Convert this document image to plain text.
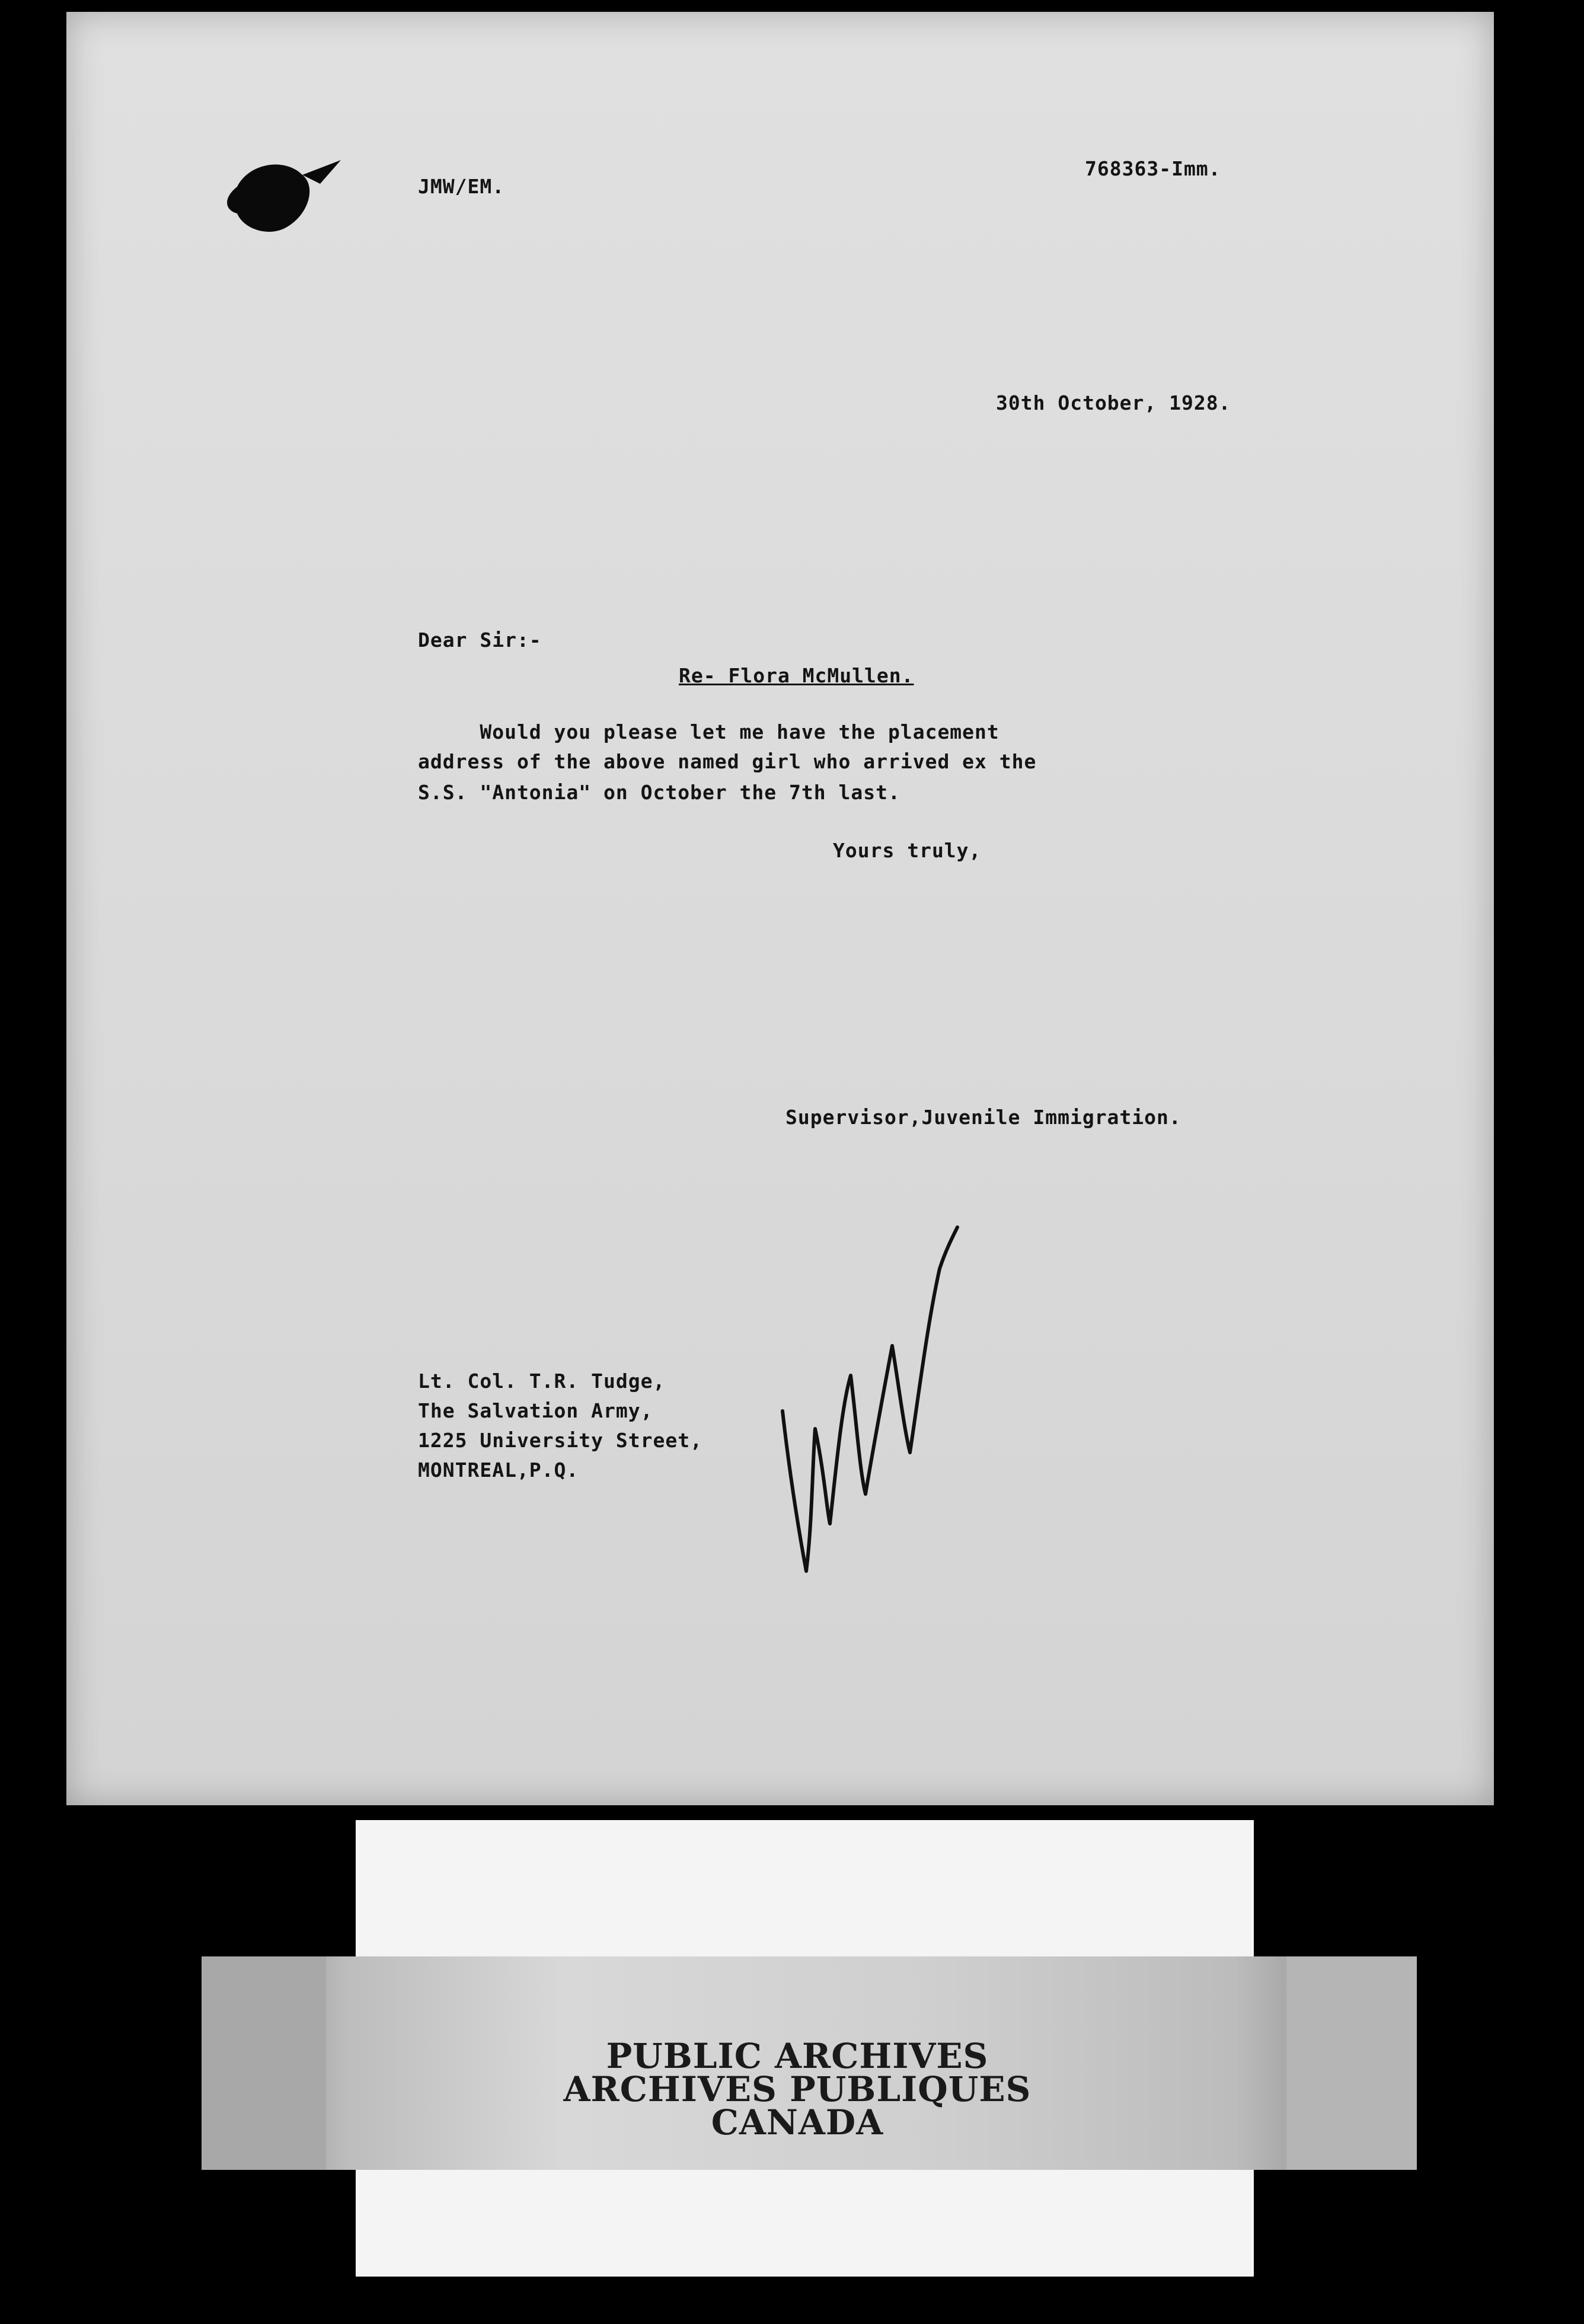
JMW/EM.
768363-Imm.
30th October, 1928.
Dear Sir:-
Re- Flora McMullen.
Would you please let me have the placement
address of the above named girl who arrived ex the
S.S. "Antonia" on October the 7th last.
Yours truly,
Supervisor,Juvenile Immigration.
Lt. Col. T.R. Tudge,
The Salvation Army,
1225 University Street,
MONTREAL,P.Q.
PUBLIC ARCHIVES
ARCHIVES PUBLIQUES
CANADA
